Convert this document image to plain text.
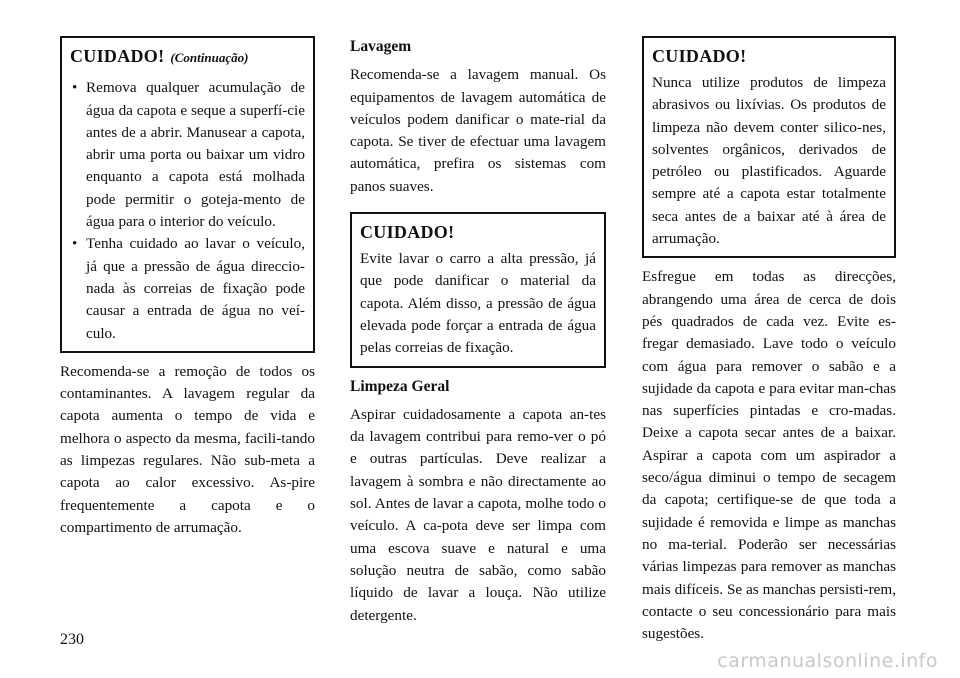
CUIDADO! (Continuação)
• Remova qualquer acumulação de água da capota e seque a superfí-cie antes de a abrir. Manusear a capota, abrir uma porta ou baixar um vidro enquanto a capota está molhada pode permitir o goteja-mento de água para o interior do veículo.
• Tenha cuidado ao lavar o veículo, já que a pressão de água direccio-nada às correias de fixação pode causar a entrada de água no veí-culo.

Recomenda-se a remoção de todos os contaminantes. A lavagem regular da capota aumenta o tempo de vida e melhora o aspecto da mesma, facili-tando as limpezas regulares. Não sub-meta a capota ao calor excessivo. As-pire frequentemente a capota e o compartimento de arrumação.

Lavagem

Recomenda-se a lavagem manual. Os equipamentos de lavagem automática de veículos podem danificar o mate-rial da capota. Se tiver de efectuar uma lavagem automática, prefira os sistemas com panos suaves.

CUIDADO!

Evite lavar o carro a alta pressão, já que pode danificar o material da capota. Além disso, a pressão de água elevada pode forçar a entrada de água pelas correias de fixação.

Limpeza Geral

Aspirar cuidadosamente a capota an-tes da lavagem contribui para remo-ver o pó e outras partículas. Deve realizar a lavagem à sombra e não directamente ao sol. Antes de lavar a capota, molhe todo o veículo. A ca-pota deve ser limpa com uma escova suave e natural e uma solução neutra de sabão, como sabão líquido de lavar a louça. Não utilize detergente.

CUIDADO!

Nunca utilize produtos de limpeza abrasivos ou lixívias. Os produtos de limpeza não devem conter silico-nes, solventes orgânicos, derivados de petróleo ou plastificados. Aguarde sempre até a capota estar totalmente seca antes de a baixar até à área de arrumação.

Esfregue em todas as direcções, abrangendo uma área de cerca de dois pés quadrados de cada vez. Evite es-fregar demasiado. Lave todo o veículo com água para remover o sabão e a sujidade da capota e para evitar man-chas nas superfícies pintadas e cro-madas. Deixe a capota secar antes de a baixar. Aspirar a capota com um aspirador a seco/água diminui o tempo de secagem da capota; certifique-se de que toda a sujidade é removida e limpe as manchas no ma-terial. Poderão ser necessárias várias limpezas para remover as manchas mais difíceis. Se as manchas persisti-rem, contacte o seu concessionário para mais sugestões.

230
carmanualsonline.info
